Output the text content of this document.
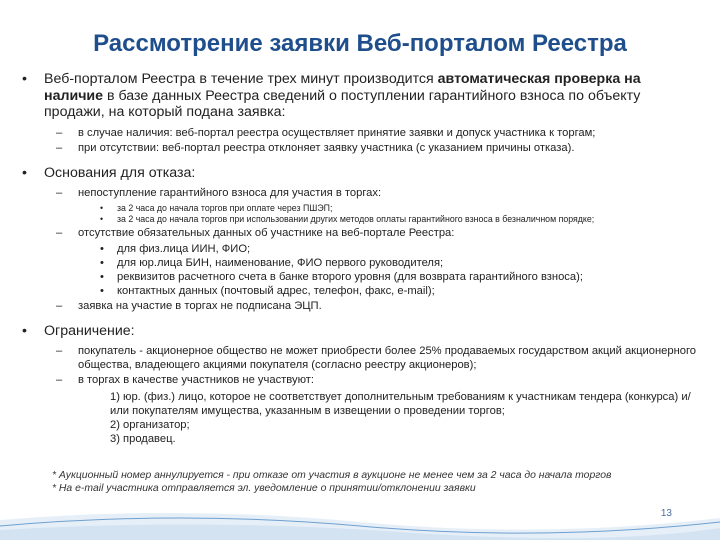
Рассмотрение заявки Веб-порталом Реестра
• Веб-порталом Реестра в течение трех минут производится автоматическая проверка на наличие в базе данных Реестра сведений о поступлении гарантийного взноса по объекту продажи, на который подана заявка:
– в случае наличия: веб-портал реестра осуществляет принятие заявки и допуск участника к торгам;
– при отсутствии: веб-портал реестра отклоняет заявку участника (с указанием причины отказа).
• Основания для отказа:
– непоступление гарантийного взноса для участия в торгах:
• за 2 часа до начала торгов при оплате через ПШЭП;
• за 2 часа до начала торгов при использовании других методов оплаты гарантийного взноса в безналичном порядке;
– отсутствие обязательных данных об участнике на веб-портале Реестра:
• для физ.лица ИИН, ФИО;
• для юр.лица БИН, наименование, ФИО первого руководителя;
• реквизитов расчетного счета в банке второго уровня (для возврата гарантийного взноса);
• контактных данных (почтовый адрес, телефон, факс, e-mail);
– заявка на участие в торгах не подписана ЭЦП.
• Ограничение:
– покупатель - акционерное общество не может приобрести более 25% продаваемых государством акций акционерного общества, владеющего акциями покупателя (согласно реестру акционеров);
– в торгах в качестве участников не участвуют:
1) юр. (физ.) лицо, которое не соответствует дополнительным требованиям к участникам тендера (конкурса) и/или покупателям имущества, указанным в извещении о проведении торгов;
2) организатор;
3) продавец.
* Аукционный номер аннулируется - при отказе от участия в аукционе не менее чем за 2 часа до начала торгов
* На e-mail участника отправляется эл. уведомление о принятии/отклонении заявки
13
